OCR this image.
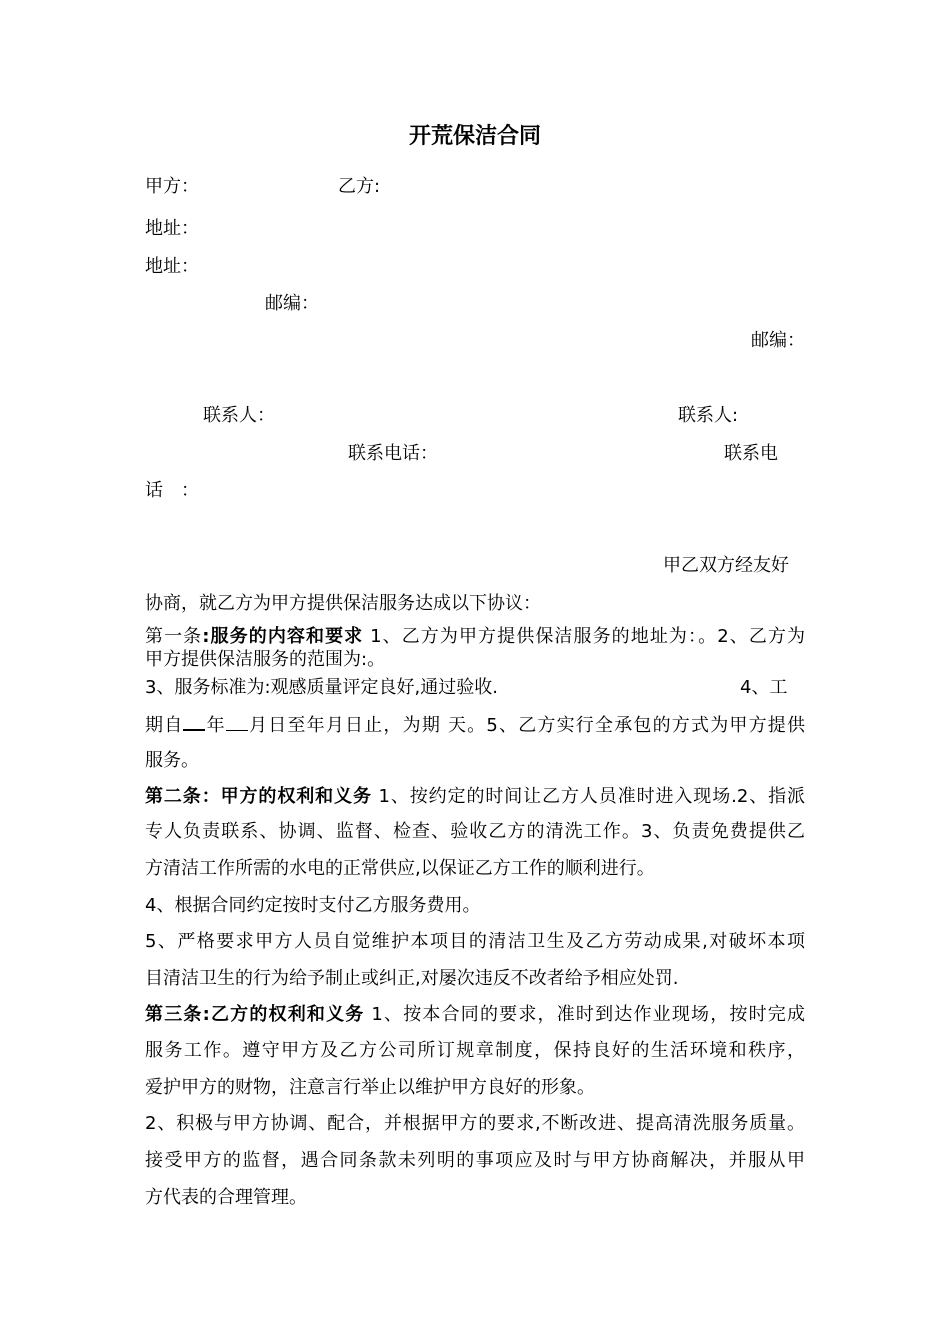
开荒保洁合同
甲方：	乙方:
地址：
地址：
邮编：
邮编：
联系人：	联系人:
联系电话：	联系电
话　：
甲乙双方经友好
协商，就乙方为甲方提供保洁服务达成以下协议：
第一条:服务的内容和要求 1、乙方为甲方提供保洁服务的地址为：。2、乙方为
甲方提供保洁服务的范围为:。
3、服务标准为:观感质量评定良好,通过验收.	4、工
期自 年 月日至年月日止，为期 天。5、乙方实行全承包的方式为甲方提供
服务。
第二条：甲方的权利和义务 1、按约定的时间让乙方人员准时进入现场.2、指派
专人负责联系、协调、监督、检查、验收乙方的清洗工作。3、负责免费提供乙
方清洁工作所需的水电的正常供应,以保证乙方工作的顺利进行。
4、根据合同约定按时支付乙方服务费用。
5、严格要求甲方人员自觉维护本项目的清洁卫生及乙方劳动成果,对破坏本项
目清洁卫生的行为给予制止或纠正,对屡次违反不改者给予相应处罚.
第三条:乙方的权利和义务 1、按本合同的要求，准时到达作业现场，按时完成
服务工作。遵守甲方及乙方公司所订规章制度，保持良好的生活环境和秩序，
爱护甲方的财物，注意言行举止以维护甲方良好的形象。
2、积极与甲方协调、配合，并根据甲方的要求,不断改进、提高清洗服务质量。
接受甲方的监督，遇合同条款未列明的事项应及时与甲方协商解决，并服从甲
方代表的合理管理。
